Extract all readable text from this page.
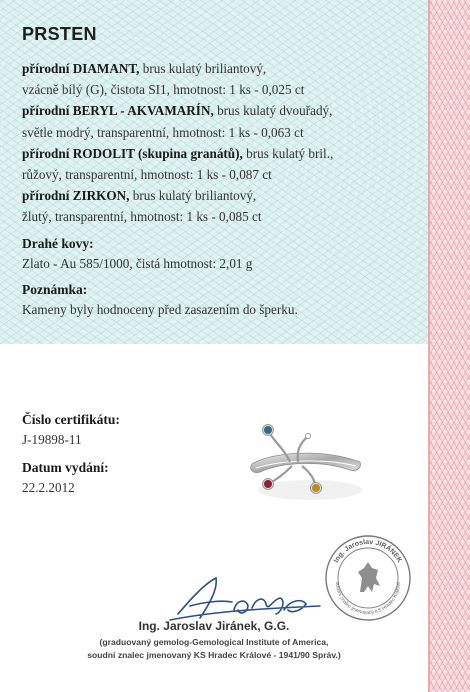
PRSTEN
přírodní DIAMANT, brus kulatý briliantový,
vzácně bílý (G), čistota SI1, hmotnost: 1 ks - 0,025 ct
přírodní BERYL - AKVAMARÍN, brus kulatý dvouřadý,
světle modrý, transparentní, hmotnost: 1 ks - 0,063 ct
přírodní RODOLIT (skupina granátů), brus kulatý bril.,
růžový, transparentní, hmotnost: 1 ks - 0,087 ct
přírodní ZIRKON, brus kulatý briliantový,
žlutý, transparentní, hmotnost: 1 ks - 0,085 ct
Drahé kovy:
Zlato - Au 585/1000, čistá hmotnost: 2,01 g
Poznámka:
Kameny byly hodnoceny před zasazením do šperku.
Číslo certifikátu:
J-19898-11
Datum vydání:
22.2.2012
Ing. Jaroslav JIRÁNEK
soudní znalec jmenovaný KS Hradec Králové
Ing. Jaroslav Jiránek, G.G.
(graduovaný gemolog-Gemological Institute of America,
soudní znalec jmenovaný KS Hradec Králové - 1941/90 Správ.)
